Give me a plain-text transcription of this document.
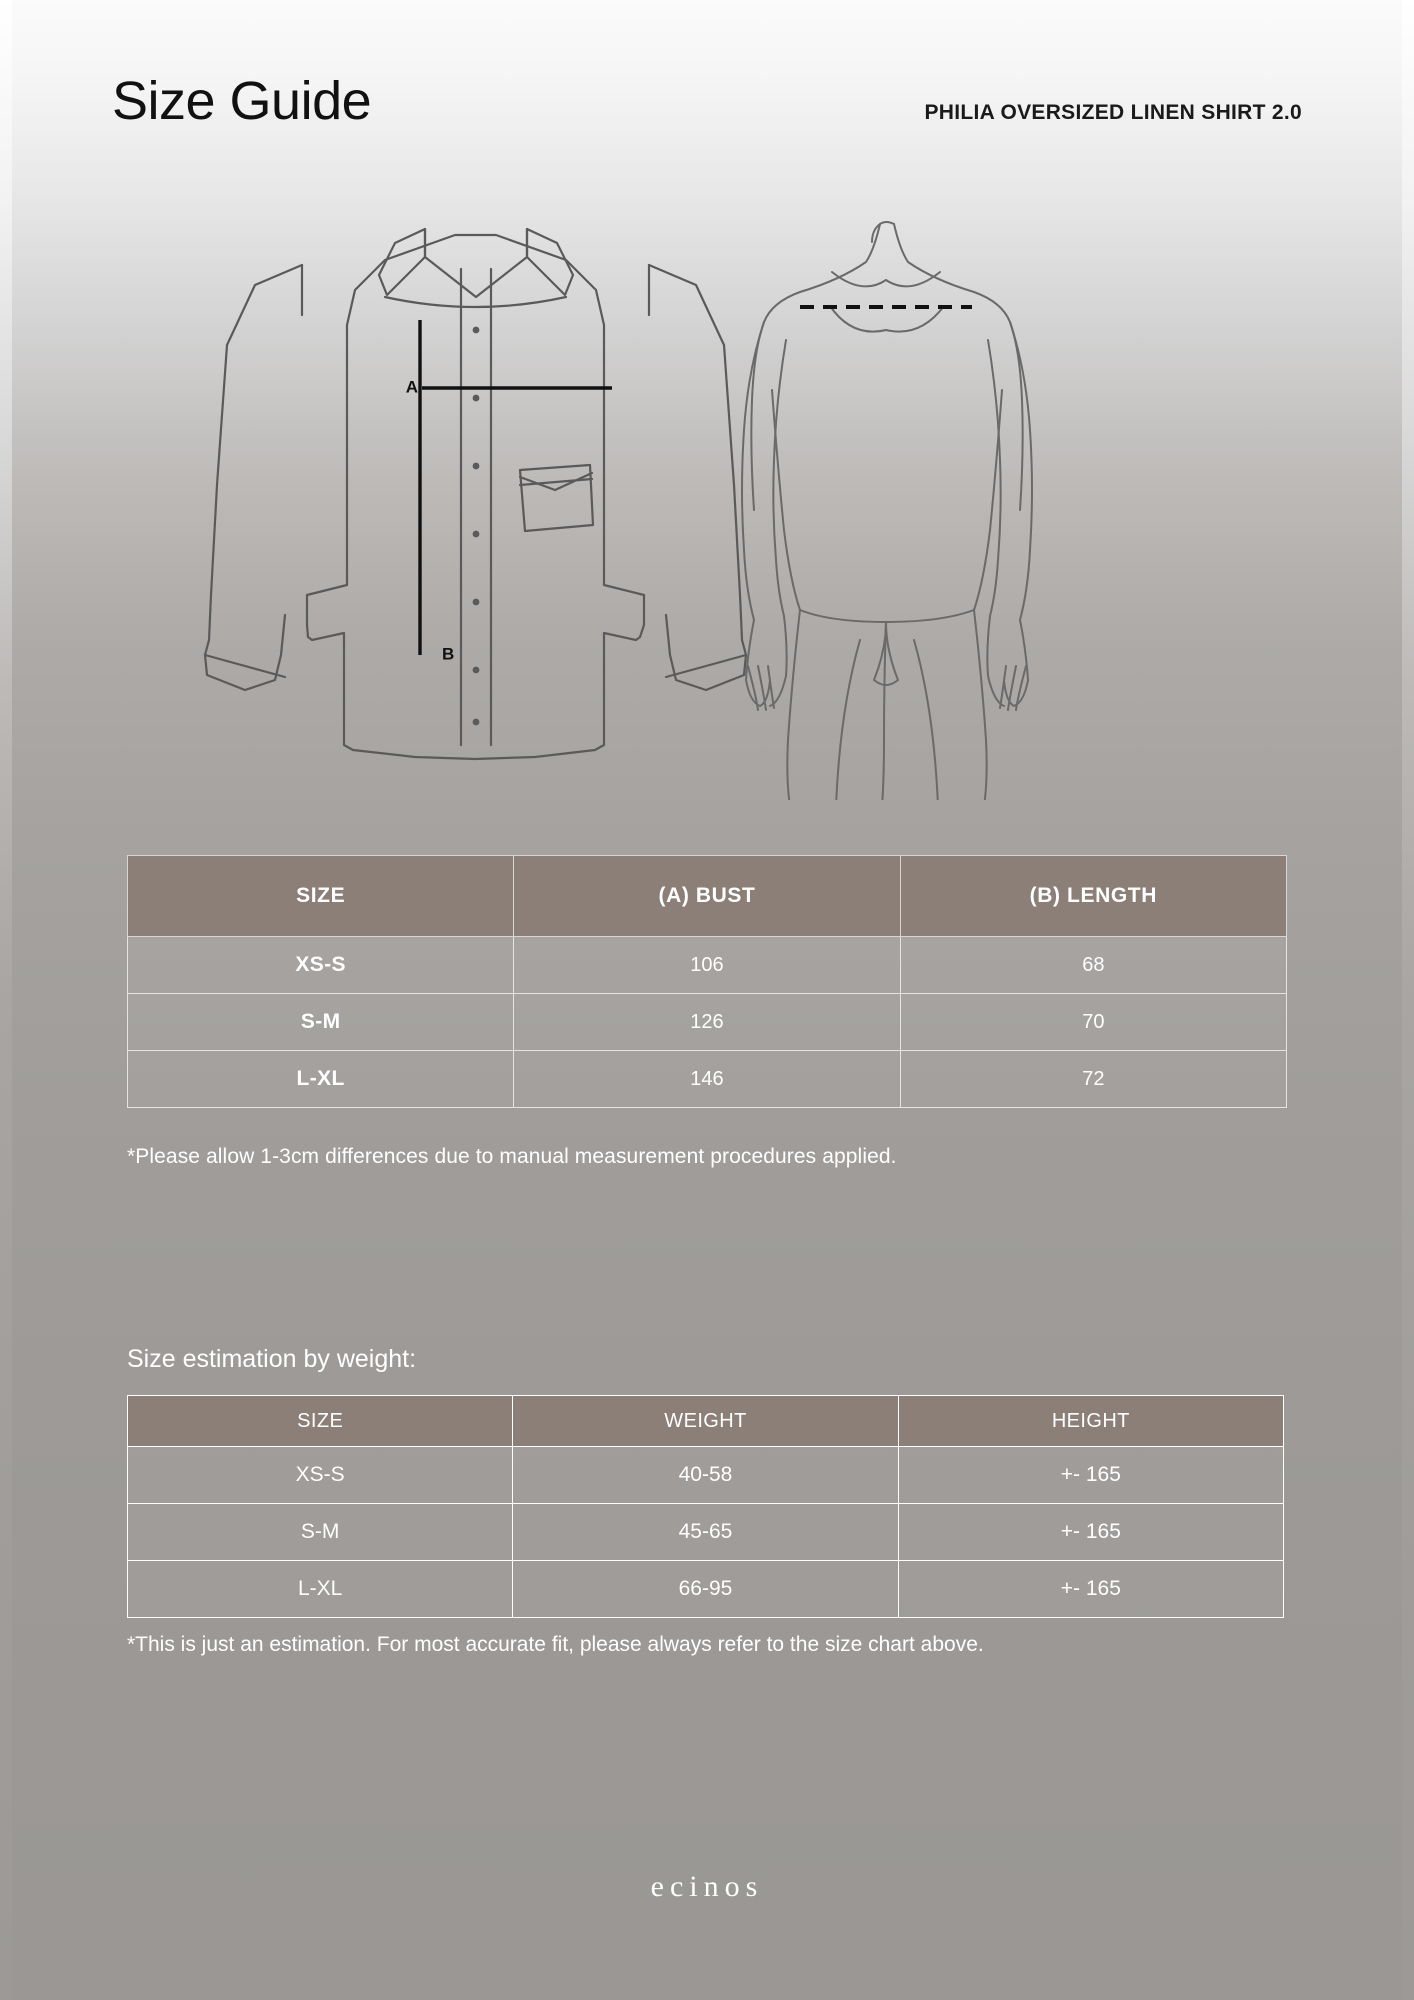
Size Guide	PHILIA OVERSIZED LINEN SHIRT 2.0
A
B
SIZE	(A) BUST	(B) LENGTH
XS-S	106	68
S-M	126	70
L-XL	146	72
*Please allow 1-3cm differences due to manual measurement procedures applied.
Size estimation by weight:
SIZE	WEIGHT	HEIGHT
XS-S	40-58	+- 165
S-M	45-65	+- 165
L-XL	66-95	+- 165
*This is just an estimation. For most accurate fit, please always refer to the size chart above.
ecinos
